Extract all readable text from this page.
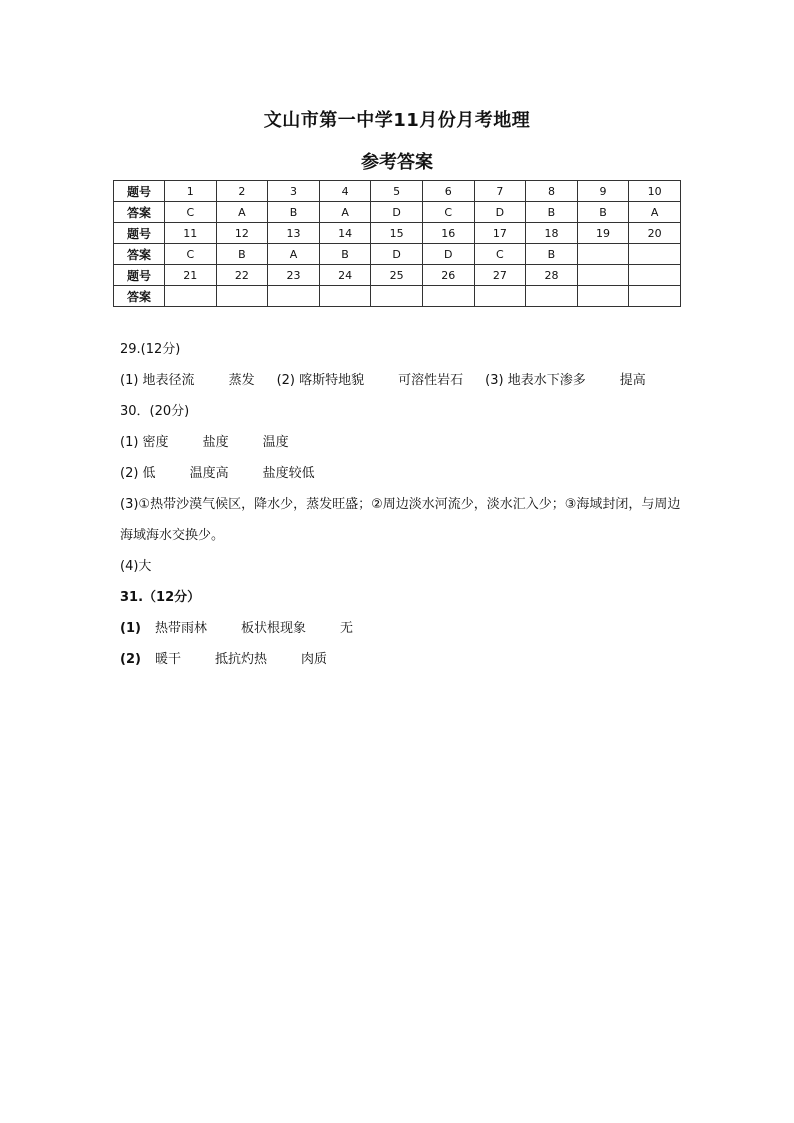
文山市第一中学11月份月考地理
参考答案
题号	1	2	3	4	5	6	7	8	9	10
答案	C	A	B	A	D	C	D	B	B	A
题号	11	12	13	14	15	16	17	18	19	20
答案	C	B	A	B	D	D	C	B		
题号	21	22	23	24	25	26	27	28		
答案										
29.(12分)
(1) 地表径流	蒸发 (2) 喀斯特地貌	可溶性岩石 (3) 地表水下渗多	提高
30．(20分)
(1) 密度	盐度	温度
(2) 低	温度高	盐度较低
(3)①热带沙漠气候区，降水少，蒸发旺盛；②周边淡水河流少，淡水汇入少；③海域封闭，与周边海域海水交换少。
(4)大
31.（12分）
(1) 热带雨林	板状根现象	无
(2) 暖干	抵抗灼热	肉质
